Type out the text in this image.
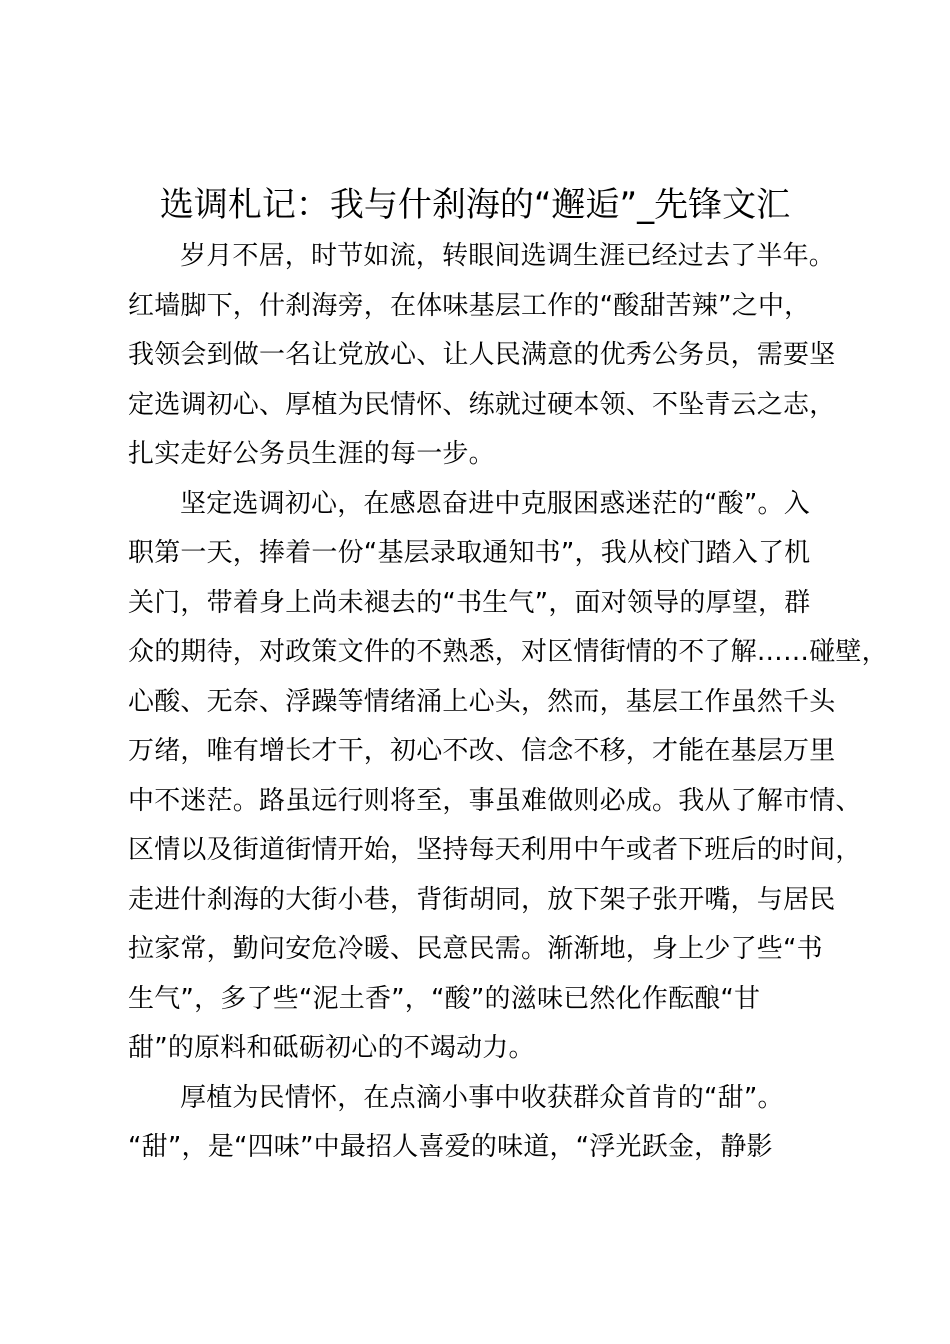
选调札记：我与什刹海的“邂逅”_先锋文汇
岁月不居，时节如流，转眼间选调生涯已经过去了半年。
红墙脚下，什刹海旁，在体味基层工作的“酸甜苦辣”之中，
我领会到做一名让党放心、让人民满意的优秀公务员，需要坚
定选调初心、厚植为民情怀、练就过硬本领、不坠青云之志，
扎实走好公务员生涯的每一步。
坚定选调初心，在感恩奋进中克服困惑迷茫的“酸”。入
职第一天，捧着一份“基层录取通知书”，我从校门踏入了机
关门，带着身上尚未褪去的“书生气”，面对领导的厚望，群
众的期待，对政策文件的不熟悉，对区情街情的不了解……碰壁，
心酸、无奈、浮躁等情绪涌上心头，然而，基层工作虽然千头
万绪，唯有增长才干，初心不改、信念不移，才能在基层万里
中不迷茫。路虽远行则将至，事虽难做则必成。我从了解市情、
区情以及街道街情开始，坚持每天利用中午或者下班后的时间，
走进什刹海的大街小巷，背街胡同，放下架子张开嘴，与居民
拉家常，勤问安危冷暖、民意民需。渐渐地，身上少了些“书
生气”，多了些“泥土香”，“酸”的滋味已然化作酝酿“甘
甜”的原料和砥砺初心的不竭动力。
厚植为民情怀，在点滴小事中收获群众首肯的“甜”。
“甜”，是“四味”中最招人喜爱的味道，“浮光跃金，静影
